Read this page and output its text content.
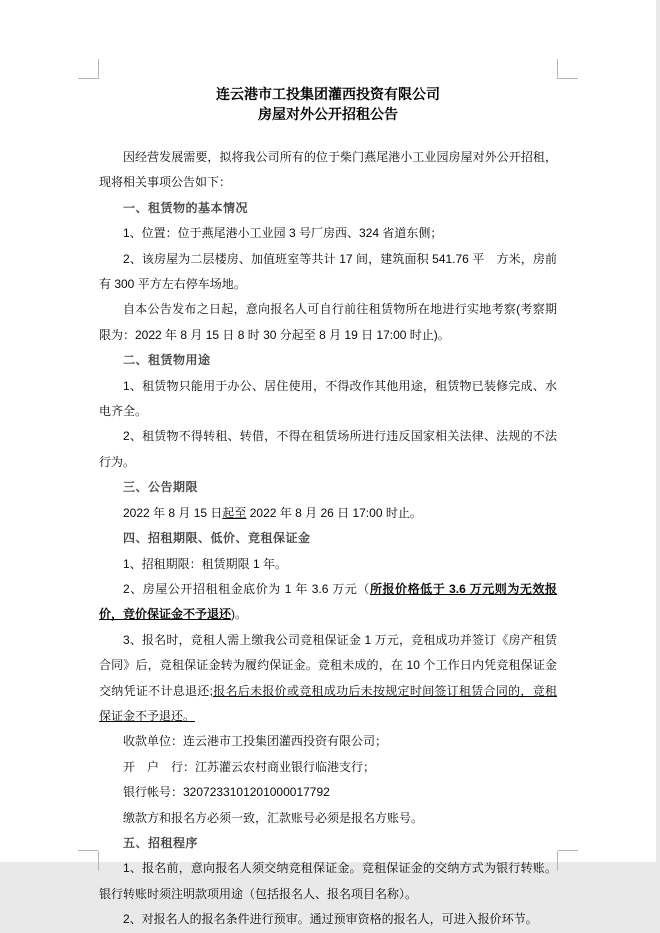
连云港市工投集团灌西投资有限公司
房屋对外公开招租公告

因经营发展需要，拟将我公司所有的位于柴门燕尾港小工业园房屋对外公开招租，现将相关事项公告如下：

一、租赁物的基本情况

1、位置：位于燕尾港小工业园 3 号厂房西、324 省道东侧；

2、该房屋为二层楼房、加值班室等共计 17 间，建筑面积 541.76 平　方米，房前有 300 平方左右停车场地。

自本公告发布之日起，意向报名人可自行前往租赁物所在地进行实地考察(考察期限为：2022 年 8 月 15 日 8 时 30 分起至 8 月 19 日 17:00 时止)。

二、租赁物用途

1、租赁物只能用于办公、居住使用，不得改作其他用途，租赁物已装修完成、水电齐全。

2、租赁物不得转租、转借，不得在租赁场所进行违反国家相关法律、法规的不法行为。

三、公告期限

2022 年 8 月 15 日起至 2022 年 8 月 26 日 17:00 时止。

四、招租期限、低价、竞租保证金

1、招租期限：租赁期限 1 年。

2、房屋公开招租租金底价为 1 年 3.6 万元（所报价格低于 3.6 万元则为无效报价，竞价保证金不予退还)。

3、报名时，竞租人需上缴我公司竞租保证金 1 万元，竞租成功并签订《房产租赁合同》后，竞租保证金转为履约保证金。竞租未成的，在 10 个工作日内凭竞租保证金交纳凭证不计息退还;报名后未报价或竞租成功后未按规定时间签订租赁合同的，竞租保证金不予退还。

收款单位：连云港市工投集团灌西投资有限公司；

开　户　行：江苏灌云农村商业银行临港支行；

银行帐号：3207233101201000017792

缴款方和报名方必须一致，汇款账号必须是报名方账号。

五、招租程序

1、报名前，意向报名人须交纳竞租保证金。竞租保证金的交纳方式为银行转账。银行转账时须注明款项用途（包括报名人、报名项目名称）。

2、对报名人的报名条件进行预审。通过预审资格的报名人，可进入报价环节。
